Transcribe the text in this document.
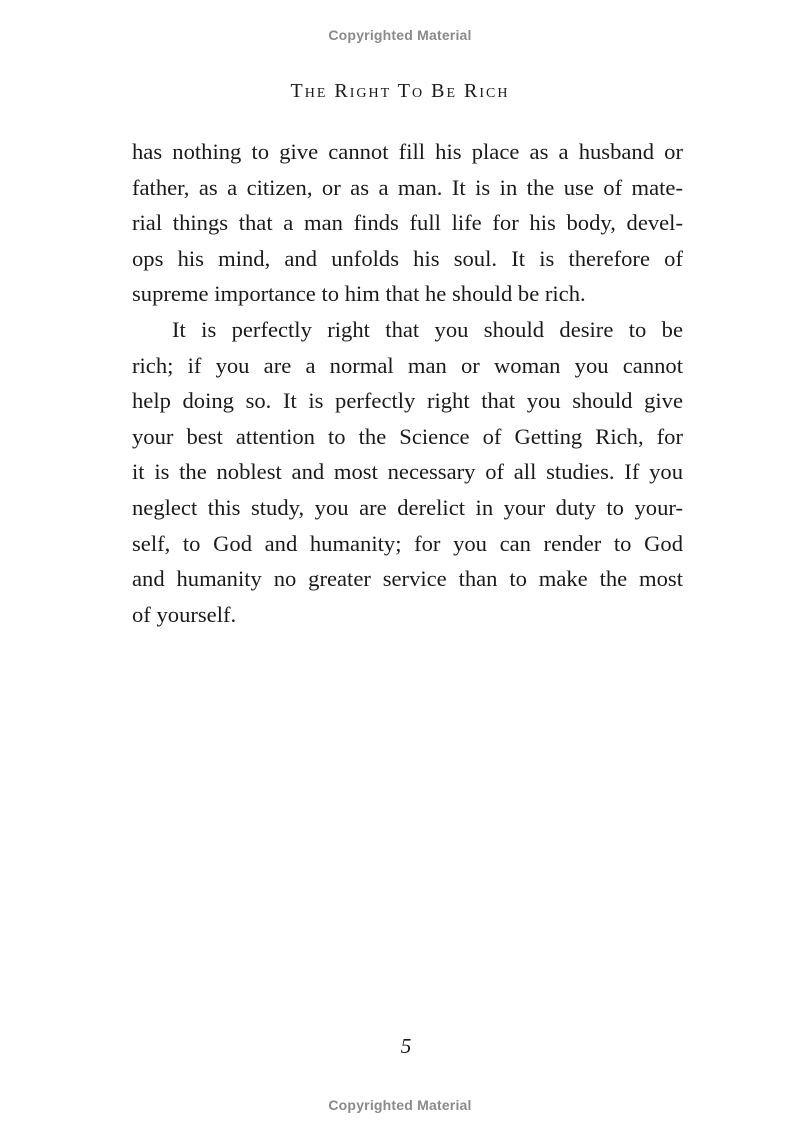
Copyrighted Material
The Right To Be Rich
has nothing to give cannot fill his place as a husband or
father, as a citizen, or as a man. It is in the use of mate-
rial things that a man finds full life for his body, devel-
ops his mind, and unfolds his soul. It is therefore of
supreme importance to him that he should be rich.
It is perfectly right that you should desire to be
rich; if you are a normal man or woman you cannot
help doing so. It is perfectly right that you should give
your best attention to the Science of Getting Rich, for
it is the noblest and most necessary of all studies. If you
neglect this study, you are derelict in your duty to your-
self, to God and humanity; for you can render to God
and humanity no greater service than to make the most
of yourself.
5
Copyrighted Material
